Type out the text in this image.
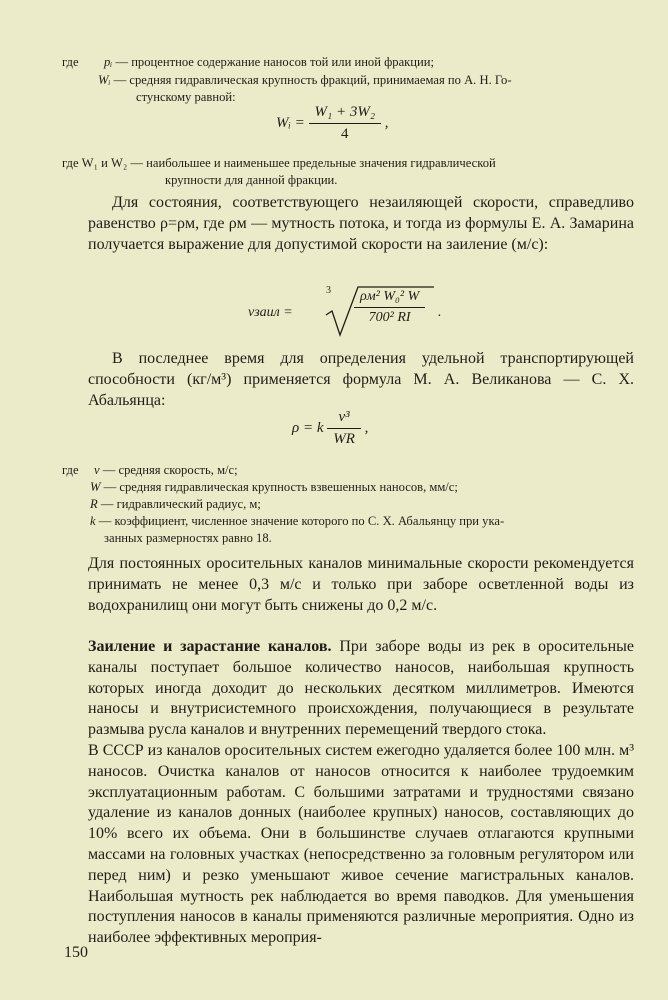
где pᵢ — процентное содержание наносов той или иной фракции;
Wᵢ — средняя гидравлическая крупность фракций, принимаемая по А. Н. Го-
стунскому равной:
Wᵢ = $\frac{\text{W₁ + 3W₂}}{4}$ ,
где W₁ и W₂ — наибольшее и наименьшее предельные значения гидравлической
крупности для данной фракции.
Для состояния, соответствующего незаиляющей скорости, справедливо равенство ρ=ρм, где ρм — мутность потока, и тогда из формулы Е. А. Замарина получается выражение для допустимой скорости на заиление (м/с):
vзаил =
3	ρм² W₀² W
700² RI	.
В последнее время для определения удельной транспортирующей способности (кг/м³) применяется формула М. А. Великанова — С. Х. Абальянца:
ρ = k $\frac{\text{v³}}{WR}$ ,
где v — средняя скорость, м/с;
W — средняя гидравлическая крупность взвешенных наносов, мм/с;
R — гидравлический радиус, м;
k — коэффициент, численное значение которого по С. Х. Абальянцу при ука-
занных размерностях равно 18.
Для постоянных оросительных каналов минимальные скорости рекомендуется принимать не менее 0,3 м/с и только при заборе осветленной воды из водохранилищ они могут быть снижены до 0,2 м/с.
Заиление и зарастание каналов. При заборе воды из рек в оросительные каналы поступает большое количество наносов, наибольшая крупность которых иногда доходит до нескольких десятком миллиметров. Имеются наносы и внутрисистемного происхождения, получающиеся в результате размыва русла каналов и внутренних перемещений твердого стока.
В СССР из каналов оросительных систем ежегодно удаляется более 100 млн. м³ наносов. Очистка каналов от наносов относится к наиболее трудоемким эксплуатационным работам. С большими затратами и трудностями связано удаление из каналов донных (наиболее крупных) наносов, составляющих до 10% всего их объема. Они в большинстве случаев отлагаются крупными массами на головных участках (непосредственно за головным регулятором или перед ним) и резко уменьшают живое сечение магистральных каналов. Наибольшая мутность рек наблюдается во время паводков. Для уменьшения поступления наносов в каналы применяются различные мероприятия. Одно из наиболее эффективных мероприя-
150
